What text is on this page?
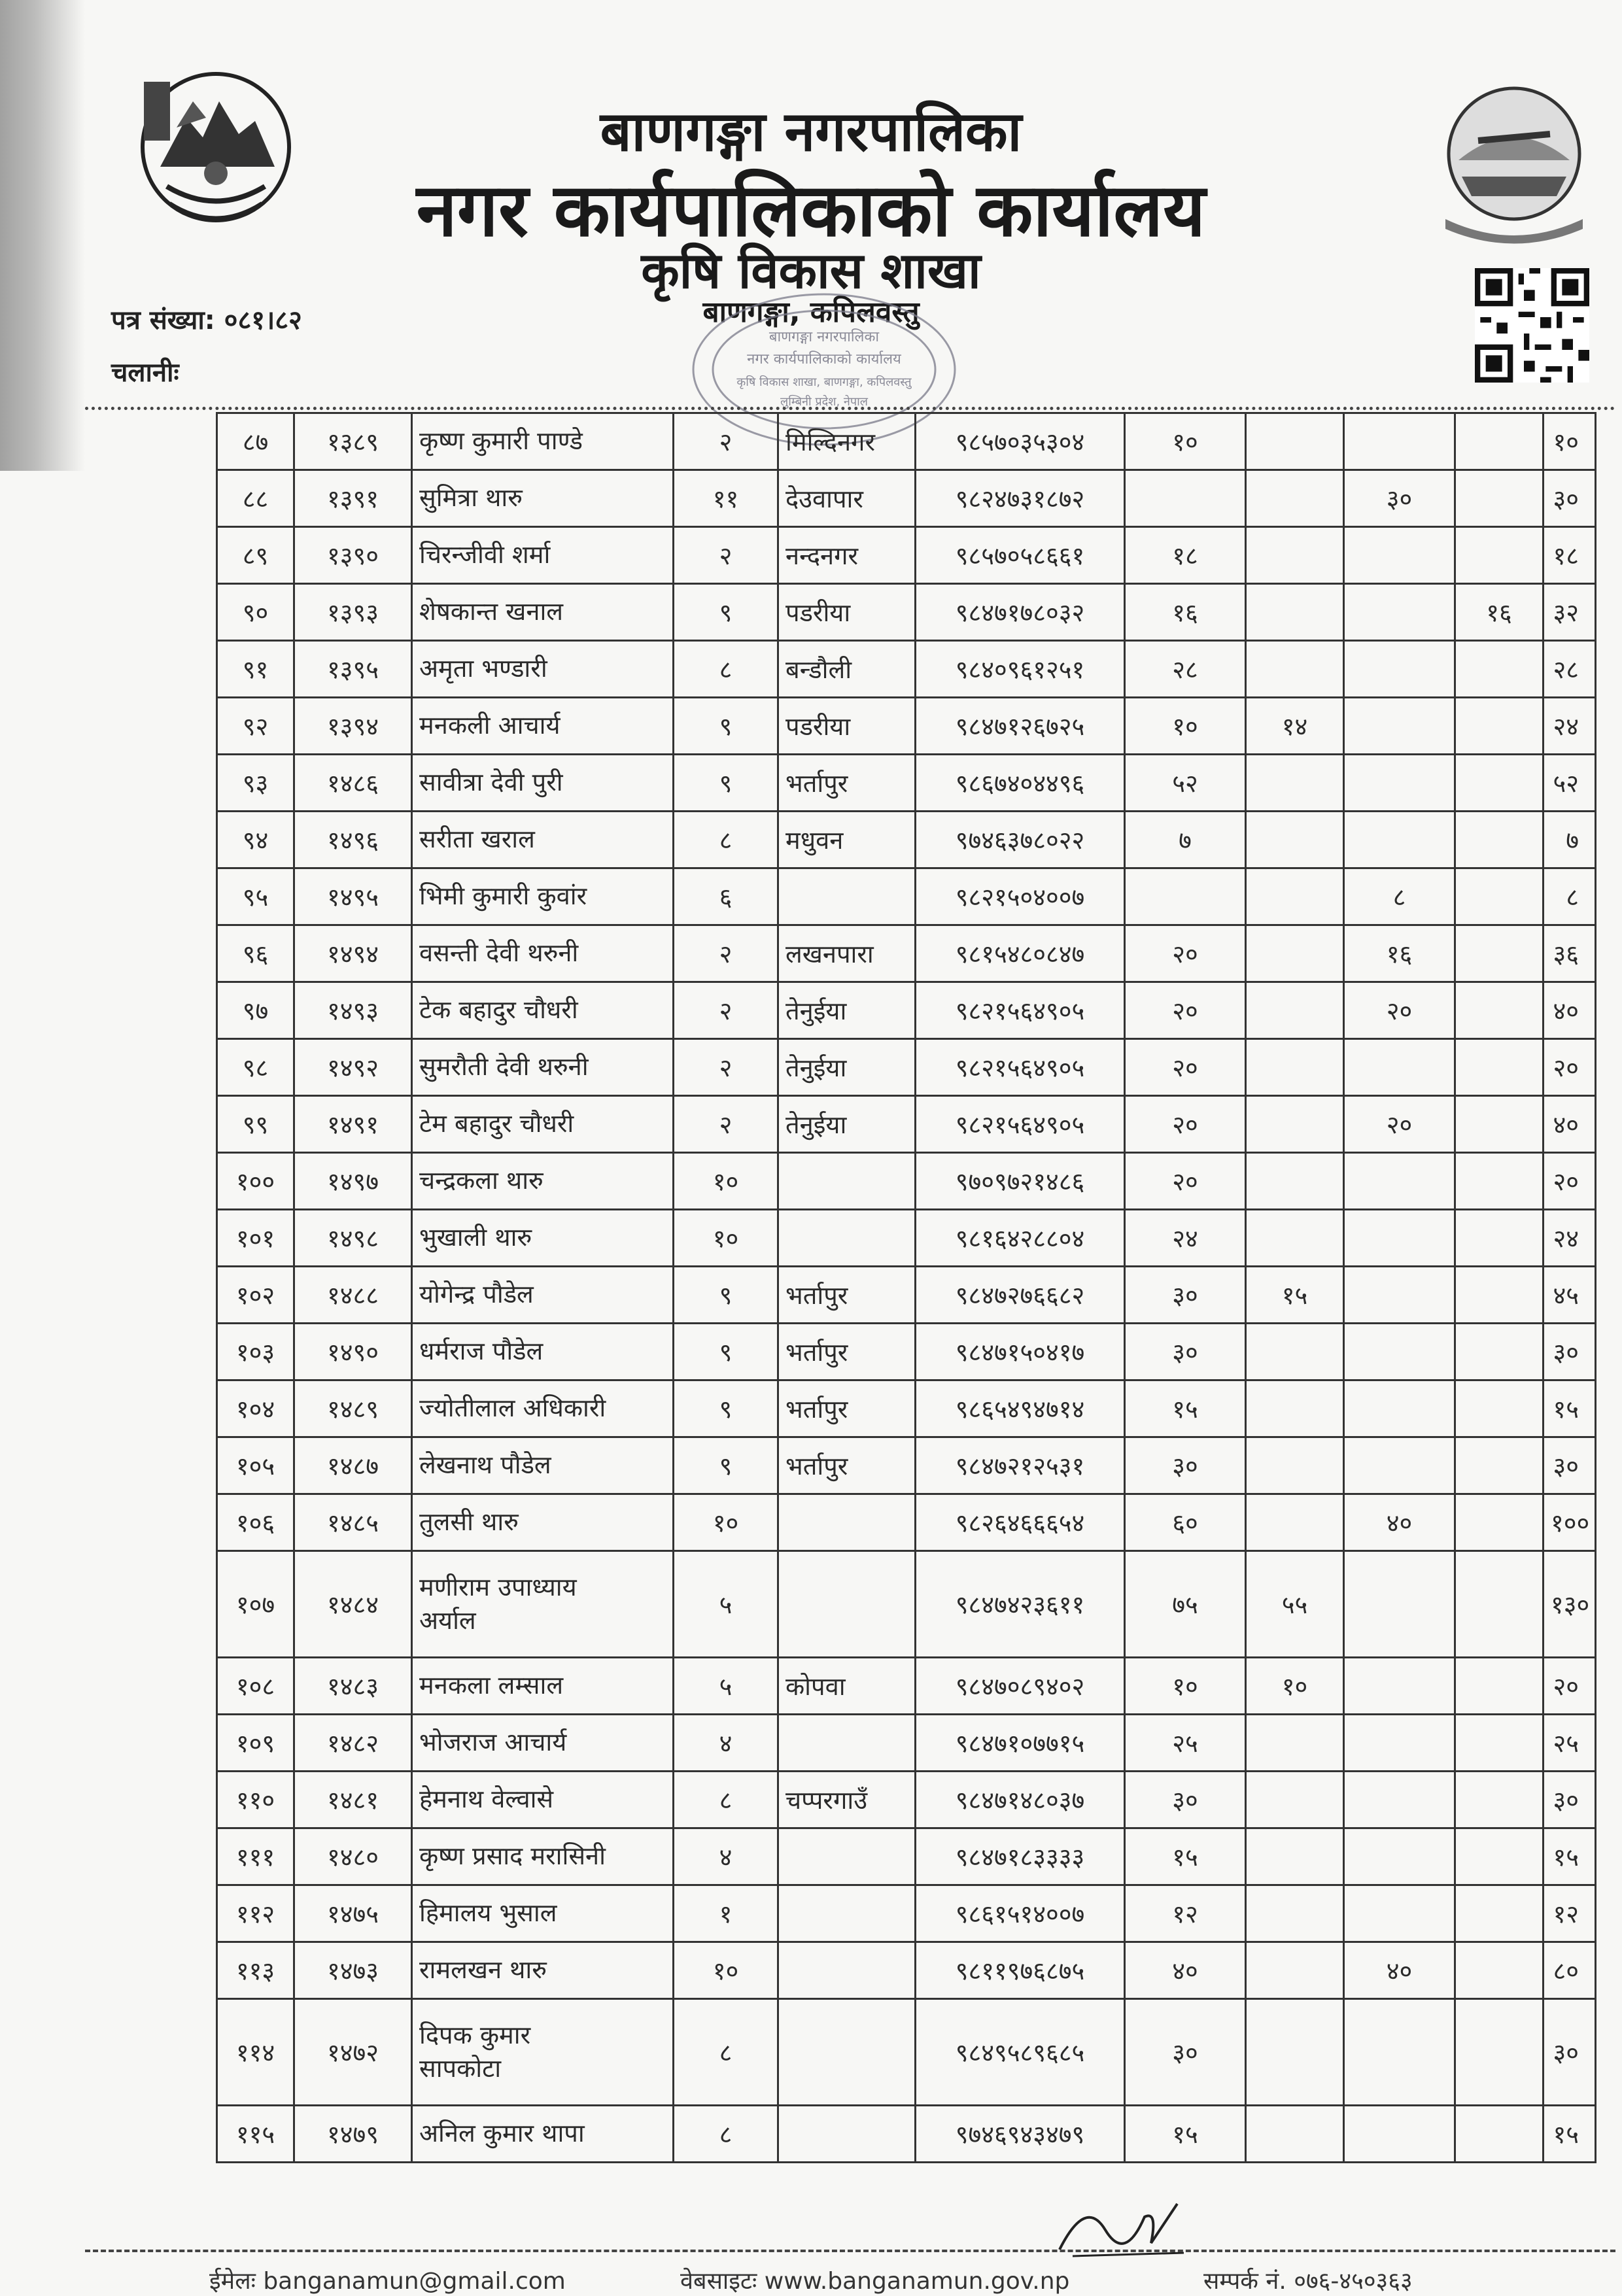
बाणगङ्गा नगरपालिका
नगर कार्यपालिकाको कार्यालय
कृषि विकास शाखा
बाणगङ्गा, कपिलवस्तु
पत्र संख्या: ०८१।८२
चलानीः
बाणगङ्गा नगरपालिका
नगर कार्यपालिकाको कार्यालय
कृषि विकास शाखा, बाणगङ्गा, कपिलवस्तु
लुम्बिनी प्रदेश, नेपाल
८७	१३८९	कृष्ण कुमारी पाण्डे	२	मिल्दिनगर	९८५७०३५३०४	१०				१०
८८	१३९१	सुमित्रा थारु	११	देउवापार	९८२४७३१८७२			३०		३०
८९	१३९०	चिरन्जीवी शर्मा	२	नन्दनगर	९८५७०५८६६१	१८				१८
९०	१३९३	शेषकान्त खनाल	९	पडरीया	९८४७१७८०३२	१६			१६	३२
९१	१३९५	अमृता भण्डारी	८	बन्डौली	९८४०९६१२५१	२८				२८
९२	१३९४	मनकली आचार्य	९	पडरीया	९८४७१२६७२५	१०	१४			२४
९३	१४८६	सावीत्रा देवी पुरी	९	भर्तापुर	९८६७४०४४९६	५२				५२
९४	१४९६	सरीता खराल	८	मधुवन	९७४६३७८०२२	७				७
९५	१४९५	भिमी कुमारी कुवांर	६		९८२१५०४००७			८		८
९६	१४९४	वसन्ती देवी थरुनी	२	लखनपारा	९८१५४८०८४७	२०		१६		३६
९७	१४९३	टेक बहादुर चौधरी	२	तेनुईया	९८२१५६४९०५	२०		२०		४०
९८	१४९२	सुमरौती देवी थरुनी	२	तेनुईया	९८२१५६४९०५	२०				२०
९९	१४९१	टेम बहादुर चौधरी	२	तेनुईया	९८२१५६४९०५	२०		२०		४०
१००	१४९७	चन्द्रकला थारु	१०		९७०९७२१४८६	२०				२०
१०१	१४९८	भुखाली थारु	१०		९८१६४२८८०४	२४				२४
१०२	१४८८	योगेन्द्र पौडेल	९	भर्तापुर	९८४७२७६६८२	३०	१५			४५
१०३	१४९०	धर्मराज पौडेल	९	भर्तापुर	९८४७१५०४१७	३०				३०
१०४	१४८९	ज्योतीलाल अधिकारी	९	भर्तापुर	९८६५४९४७१४	१५				१५
१०५	१४८७	लेखनाथ पौडेल	९	भर्तापुर	९८४७२१२५३१	३०				३०
१०६	१४८५	तुलसी थारु	१०		९८२६४६६६५४	६०		४०		१००
१०७	१४८४	मणीराम उपाध्याय
अर्याल	५		९८४७४२३६११	७५	५५			१३०
१०८	१४८३	मनकला लम्साल	५	कोपवा	९८४७०८९४०२	१०	१०			२०
१०९	१४८२	भोजराज आचार्य	४		९८४७१०७७१५	२५				२५
११०	१४८१	हेमनाथ वेल्वासे	८	चप्परगाउँ	९८४७१४८०३७	३०				३०
१११	१४८०	कृष्ण प्रसाद मरासिनी	४		९८४७१८३३३३	१५				१५
११२	१४७५	हिमालय भुसाल	१		९८६१५१४००७	१२				१२
११३	१४७३	रामलखन थारु	१०		९८११९७६८७५	४०		४०		८०
११४	१४७२	दिपक कुमार
सापकोटा	८		९८४९५८९६८५	३०				३०
११५	१४७९	अनिल कुमार थापा	८		९७४६९४३४७९	१५				१५
ईमेलः banganamun@gmail.com	वेबसाइटः www.banganamun.gov.np	सम्पर्क नं. ०७६-४५०३६३
